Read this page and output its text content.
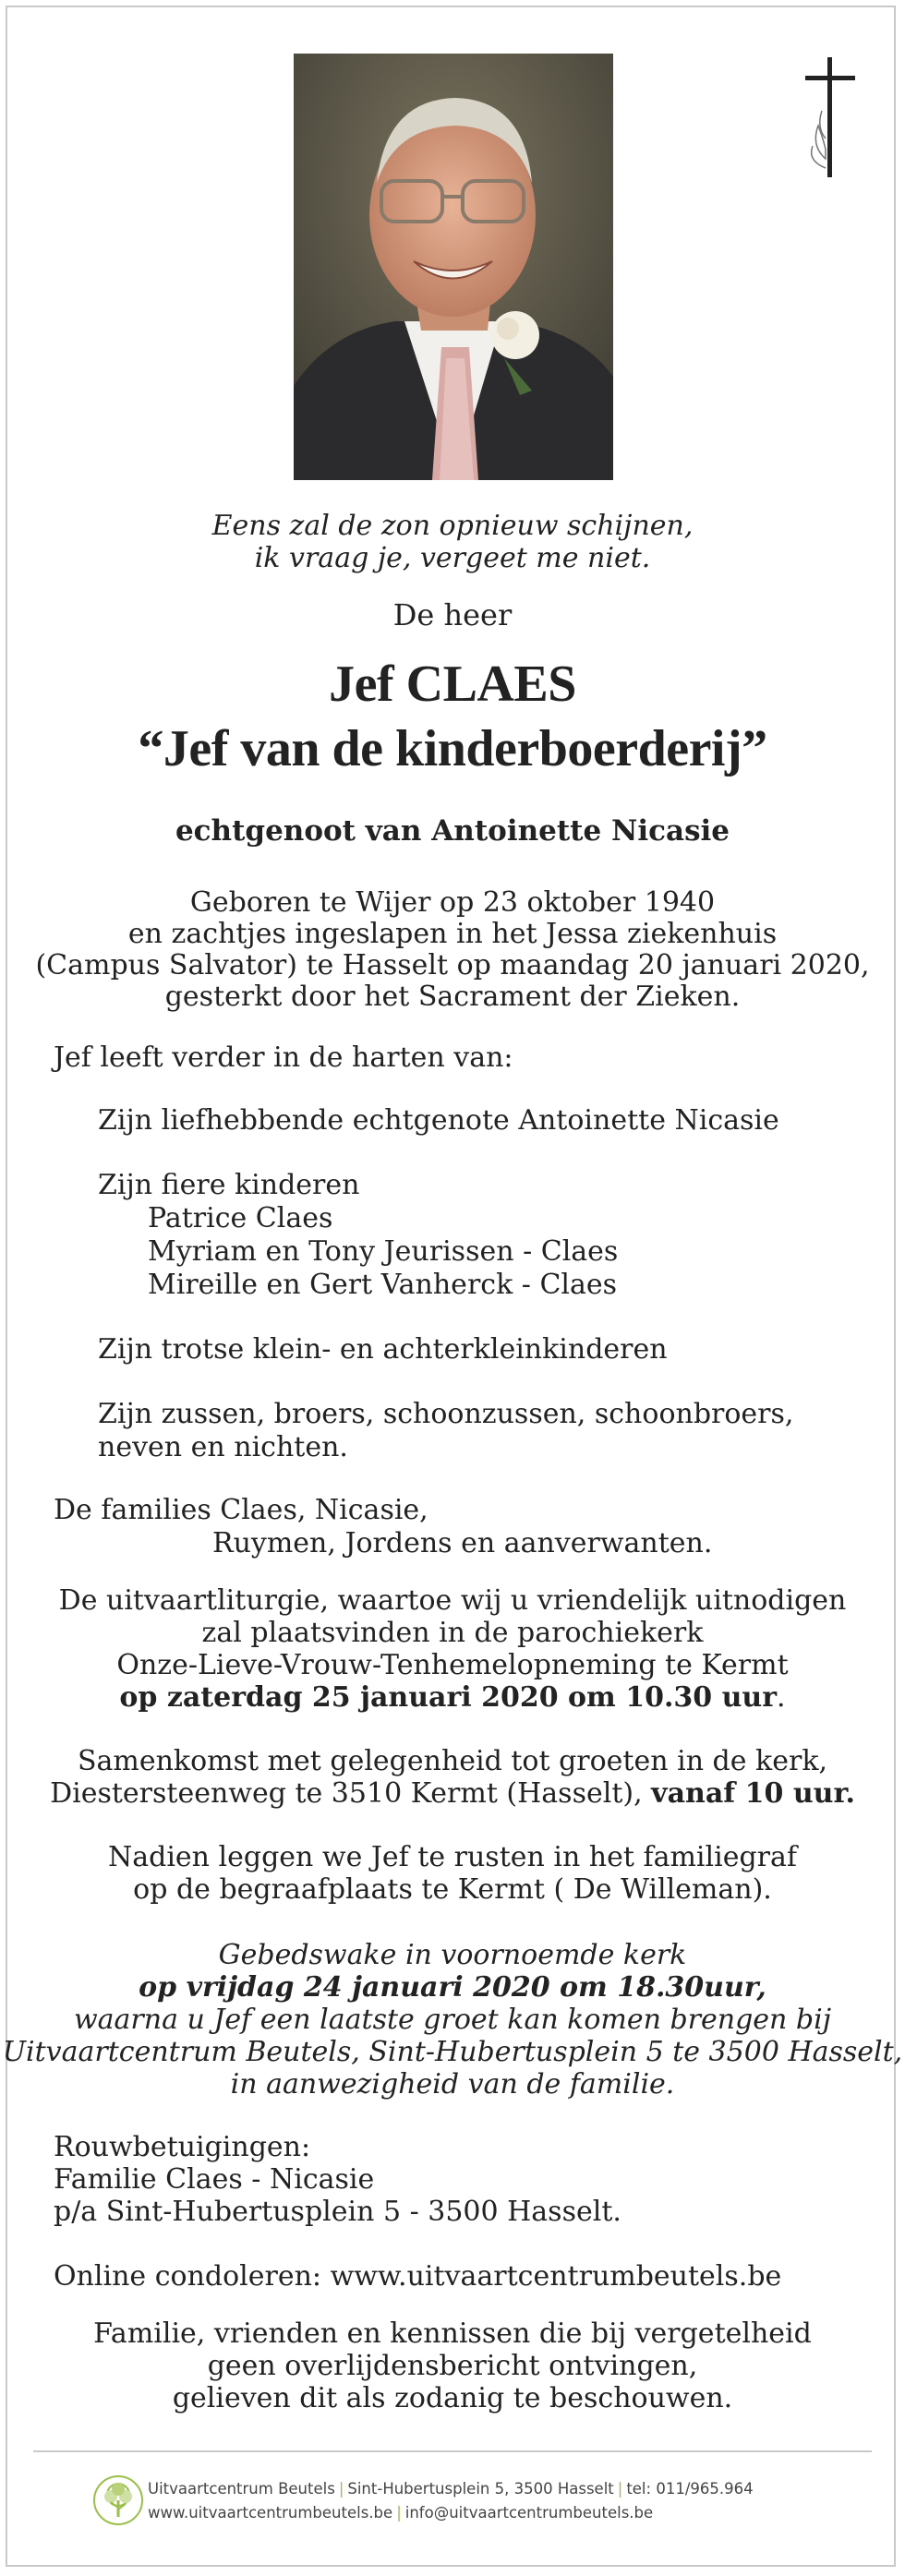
Eens zal de zon opnieuw schijnen,
ik vraag je, vergeet me niet.
De heer
Jef CLAES
“Jef van de kinderboerderij”
echtgenoot van Antoinette Nicasie
Geboren te Wijer op 23 oktober 1940
en zachtjes ingeslapen in het Jessa ziekenhuis
(Campus Salvator) te Hasselt op maandag 20 januari 2020,
gesterkt door het Sacrament der Zieken.
Jef leeft verder in de harten van:
Zijn liefhebbende echtgenote Antoinette Nicasie
Zijn fiere kinderen
Patrice Claes
Myriam en Tony Jeurissen - Claes
Mireille en Gert Vanherck - Claes
Zijn trotse klein- en achterkleinkinderen
Zijn zussen, broers, schoonzussen, schoonbroers,
neven en nichten.
De families Claes, Nicasie,
Ruymen, Jordens en aanverwanten.
De uitvaartliturgie, waartoe wij u vriendelijk uitnodigen
zal plaatsvinden in de parochiekerk
Onze-Lieve-Vrouw-Tenhemelopneming te Kermt
op zaterdag 25 januari 2020 om 10.30 uur.
Samenkomst met gelegenheid tot groeten in de kerk,
Diestersteenweg te 3510 Kermt (Hasselt), vanaf 10 uur.
Nadien leggen we Jef te rusten in het familiegraf
op de begraafplaats te Kermt ( De Willeman).
Gebedswake in voornoemde kerk
op vrijdag 24 januari 2020 om 18.30uur,
waarna u Jef een laatste groet kan komen brengen bij
Uitvaartcentrum Beutels, Sint-Hubertusplein 5 te 3500 Hasselt,
in aanwezigheid van de familie.
Rouwbetuigingen:
Familie Claes - Nicasie
p/a Sint-Hubertusplein 5 - 3500 Hasselt.
Online condoleren: www.uitvaartcentrumbeutels.be
Familie, vrienden en kennissen die bij vergetelheid
geen overlijdensbericht ontvingen,
gelieven dit als zodanig te beschouwen.
Uitvaartcentrum Beutels | Sint-Hubertusplein 5, 3500 Hasselt | tel: 011/965.964
www.uitvaartcentrumbeutels.be | info@uitvaartcentrumbeutels.be
